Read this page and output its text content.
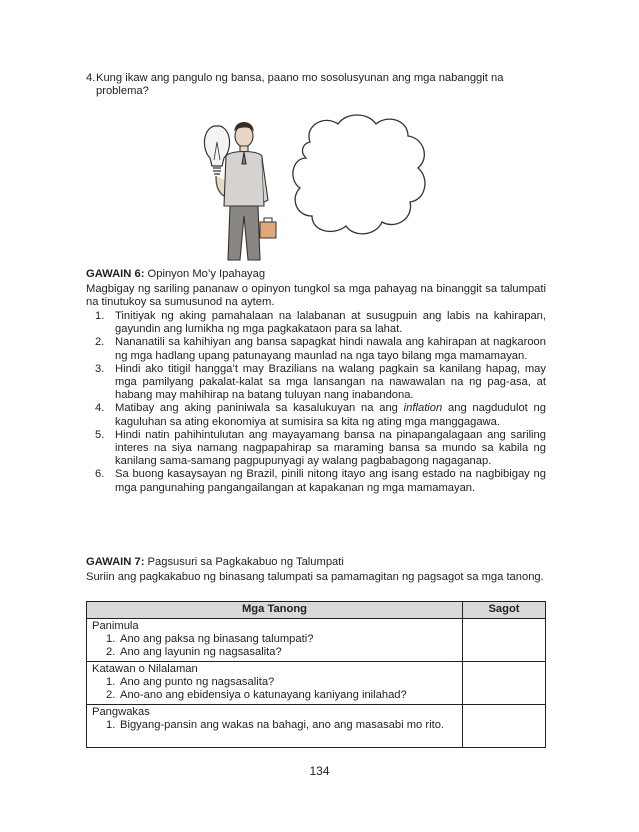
4. Kung ikaw ang pangulo ng bansa, paano mo sosolusyunan ang mga nabanggit na problema?
GAWAIN 6: Opinyon Mo’y Ipahayag
Magbigay ng sariling pananaw o opinyon tungkol sa mga pahayag na binanggit sa talumpati na tinutukoy sa sumusunod na aytem.
1. Tinitiyak ng aking pamahalaan na lalabanan at susugpuin ang labis na kahirapan, gayundin ang lumikha ng mga pagkakataon para sa lahat.
2. Nananatili sa kahihiyan ang bansa sapagkat hindi nawala ang kahirapan at nagkaroon ng mga hadlang upang patunayang maunlad na nga tayo bilang mga mamamayan.
3. Hindi ako titigil hangga’t may Brazilians na walang pagkain sa kanilang hapag, may mga pamilyang pakalat-kalat sa mga lansangan na nawawalan na ng pag-asa, at habang may mahihirap na batang tuluyan nang inabandona.
4. Matibay ang aking paniniwala sa kasalukuyan na ang inflation ang nagdudulot ng kaguluhan sa ating ekonomiya at sumisira sa kita ng ating mga manggagawa.
5. Hindi natin pahihintulutan ang mayayamang bansa na pinapangalagaan ang sariling interes na siya namang nagpapahirap sa maraming bansa sa mundo sa kabila ng kanilang sama-samang pagpupunyagi ay walang pagbabagong nagaganap.
6. Sa buong kasaysayan ng Brazil, pinili nitong itayo ang isang estado na nagbibigay ng mga pangunahing pangangailangan at kapakanan ng mga mamamayan.
GAWAIN 7: Pagsusuri sa Pagkakabuo ng Talumpati
Suriin ang pagkakabuo ng binasang talumpati sa pamamagitan ng pagsagot sa mga tanong.
Mga Tanong	Sagot

Panimula
1. Ano ang paksa ng binasang talumpati?
2. Ano ang layunin ng nagsasalita?	

Katawan o Nilalaman
1. Ano ang punto ng nagsasalita?
2. Ano-ano ang ebidensiya o katunayang kaniyang inilahad?	

Pangwakas
1. Bigyang-pansin ang wakas na bahagi, ano ang masasabi mo rito.	

134
